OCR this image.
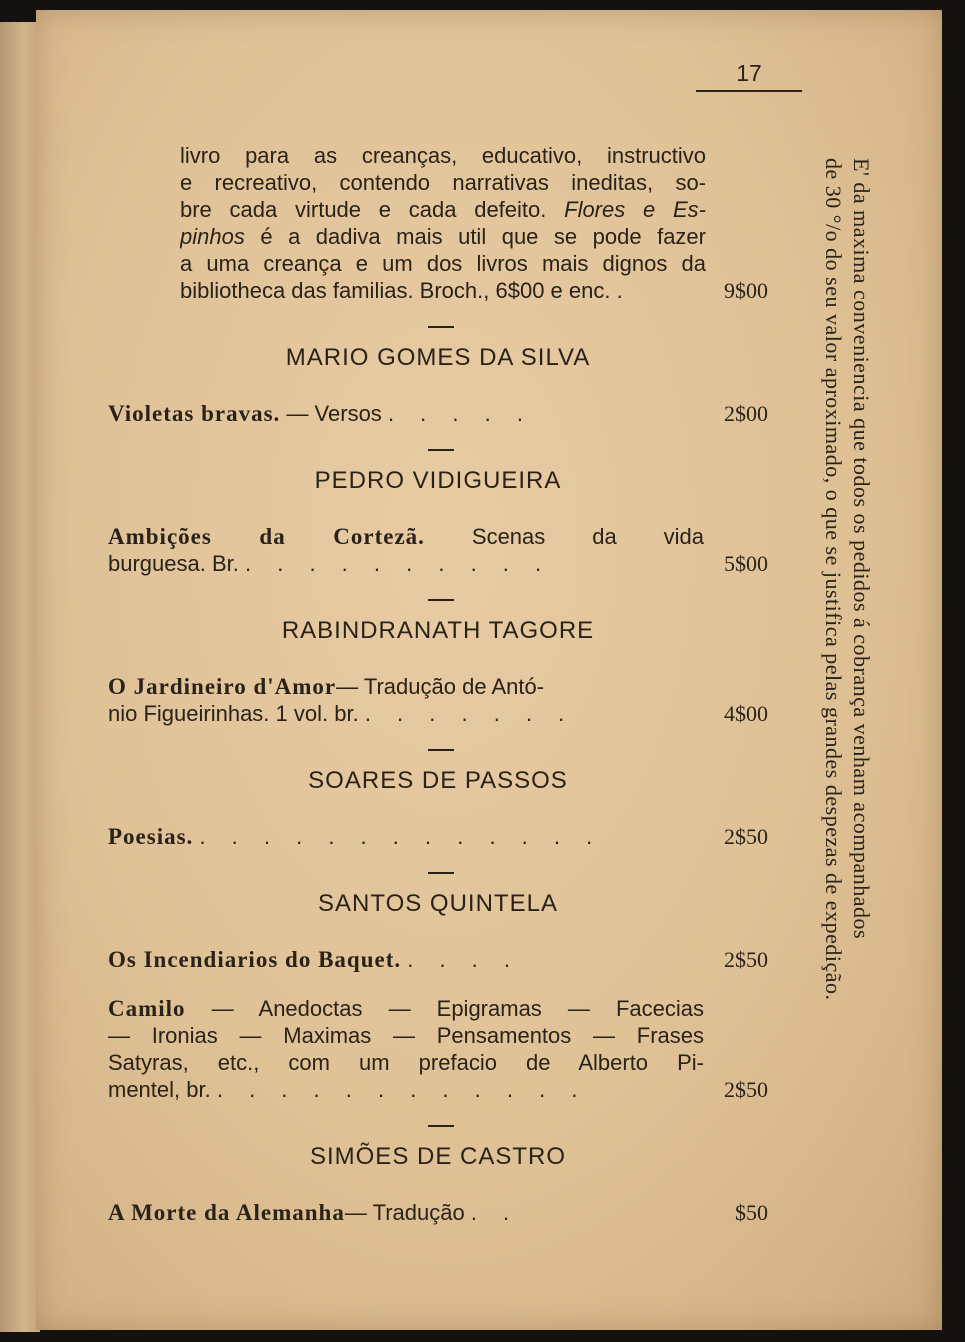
17
livro para as creanças, educativo, instructivo
e recreativo, contendo narrativas ineditas, so-
bre cada virtude e cada defeito. Flores e Es-
pinhos é a dadiva mais util que se pode fazer
a uma creança e um dos livros mais dignos da
bibliotheca das familias. Broch., 6$00 e enc. .	9$00
MARIO GOMES DA SILVA
Violetas bravas. — Versos . . . . .	2$00
PEDRO VIDIGUEIRA
Ambições da Cortezã. Scenas da vida
burguesa. Br. . . . . . . . . . .	5$00
RABINDRANATH TAGORE
O Jardineiro d'Amor— Tradução de Antó-
nio Figueirinhas. 1 vol. br. . . . . . . .	4$00
SOARES DE PASSOS
Poesias. . . . . . . . . . . . . .	2$50
SANTOS QUINTELA
Os Incendiarios do Baquet. . . . .	2$50
Camilo — Anedoctas — Epigramas — Facecias
— Ironias — Maximas — Pensamentos — Frases
Satyras, etc., com um prefacio de Alberto Pi-
mentel, br. . . . . . . . . . . . .	2$50
SIMÕES DE CASTRO
A Morte da Alemanha— Tradução . .	$50
E' da maxima conveniencia que todos os pedidos á cobrança venham acompanhados
de 30 °/o do seu valor aproximado, o que se justifica pelas grandes despezas de expedição.
